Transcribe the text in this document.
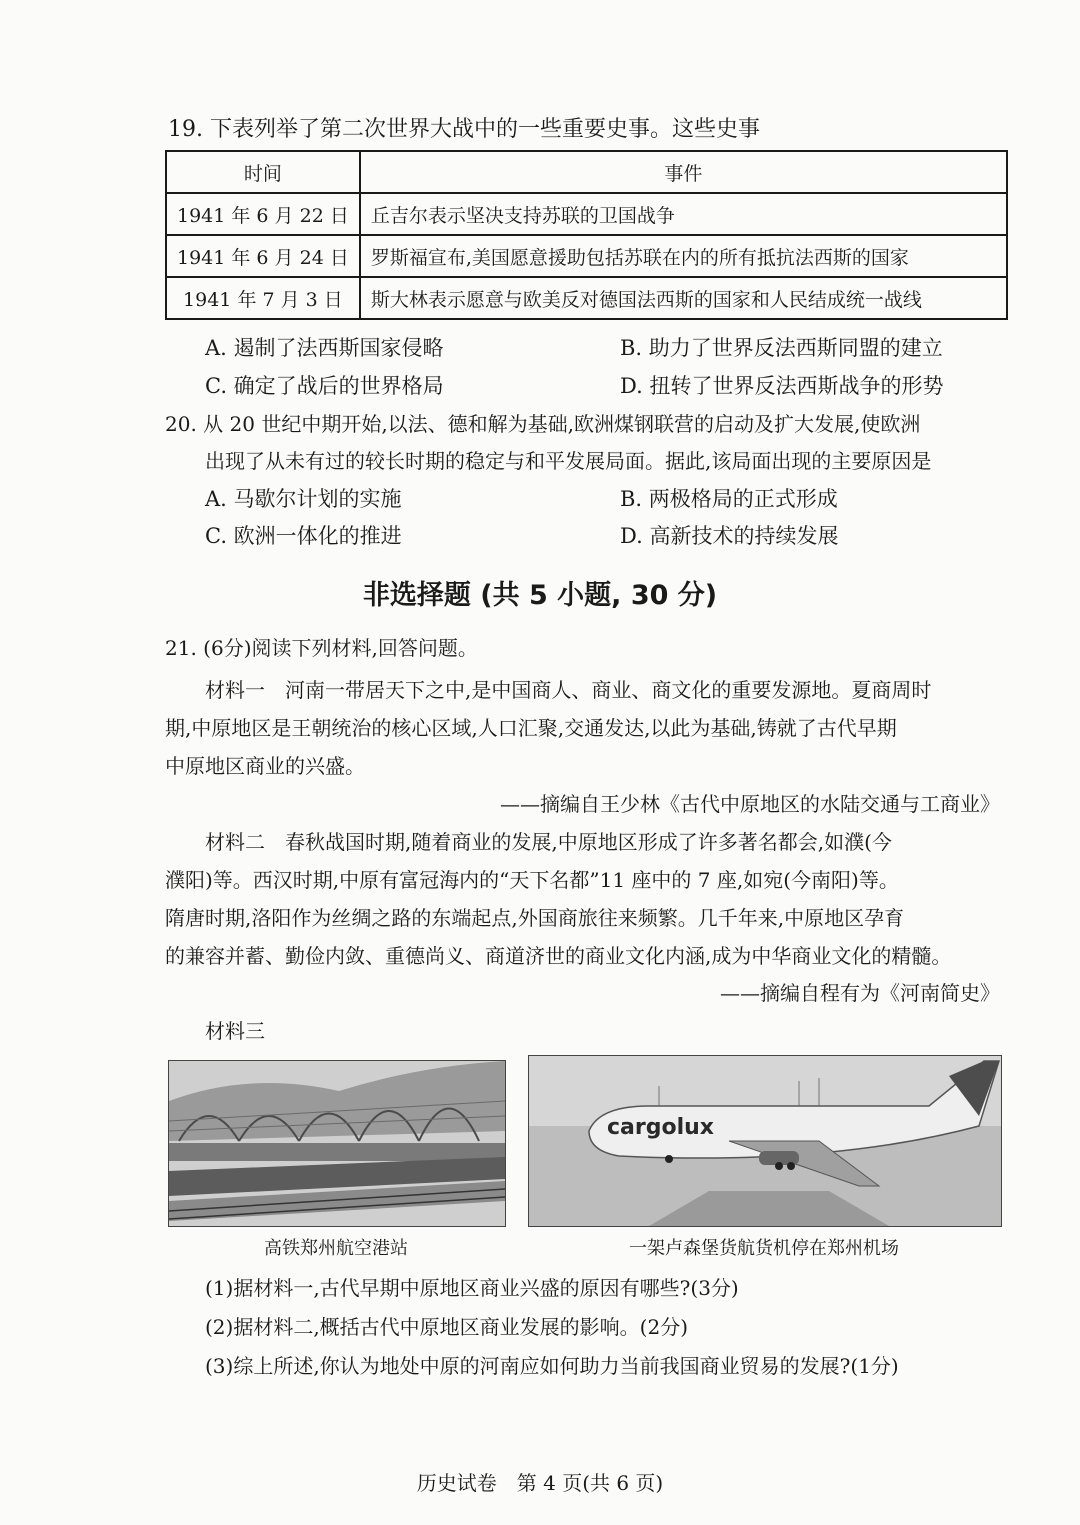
19. 下表列举了第二次世界大战中的一些重要史事。这些史事
时间	事件
1941 年 6 月 22 日	丘吉尔表示坚决支持苏联的卫国战争
1941 年 6 月 24 日	罗斯福宣布,美国愿意援助包括苏联在内的所有抵抗法西斯的国家
1941 年 7 月 3 日	斯大林表示愿意与欧美反对德国法西斯的国家和人民结成统一战线
A. 遏制了法西斯国家侵略	B. 助力了世界反法西斯同盟的建立
C. 确定了战后的世界格局	D. 扭转了世界反法西斯战争的形势
20. 从 20 世纪中期开始,以法、德和解为基础,欧洲煤钢联营的启动及扩大发展,使欧洲
出现了从未有过的较长时期的稳定与和平发展局面。据此,该局面出现的主要原因是
A. 马歇尔计划的实施	B. 两极格局的正式形成
C. 欧洲一体化的推进	D. 高新技术的持续发展
非选择题 (共 5 小题, 30 分)
21. (6分)阅读下列材料,回答问题。
材料一　河南一带居天下之中,是中国商人、商业、商文化的重要发源地。夏商周时
期,中原地区是王朝统治的核心区域,人口汇聚,交通发达,以此为基础,铸就了古代早期
中原地区商业的兴盛。
——摘编自王少林《古代中原地区的水陆交通与工商业》
材料二　春秋战国时期,随着商业的发展,中原地区形成了许多著名都会,如濮(今
濮阳)等。西汉时期,中原有富冠海内的“天下名都”11 座中的 7 座,如宛(今南阳)等。
隋唐时期,洛阳作为丝绸之路的东端起点,外国商旅往来频繁。几千年来,中原地区孕育
的兼容并蓄、勤俭内敛、重德尚义、商道济世的商业文化内涵,成为中华商业文化的精髓。
——摘编自程有为《河南简史》
材料三
cargolux
高铁郑州航空港站	一架卢森堡货航货机停在郑州机场
(1)据材料一,古代早期中原地区商业兴盛的原因有哪些?(3分)
(2)据材料二,概括古代中原地区商业发展的影响。(2分)
(3)综上所述,你认为地处中原的河南应如何助力当前我国商业贸易的发展?(1分)
历史试卷　第 4 页(共 6 页)
